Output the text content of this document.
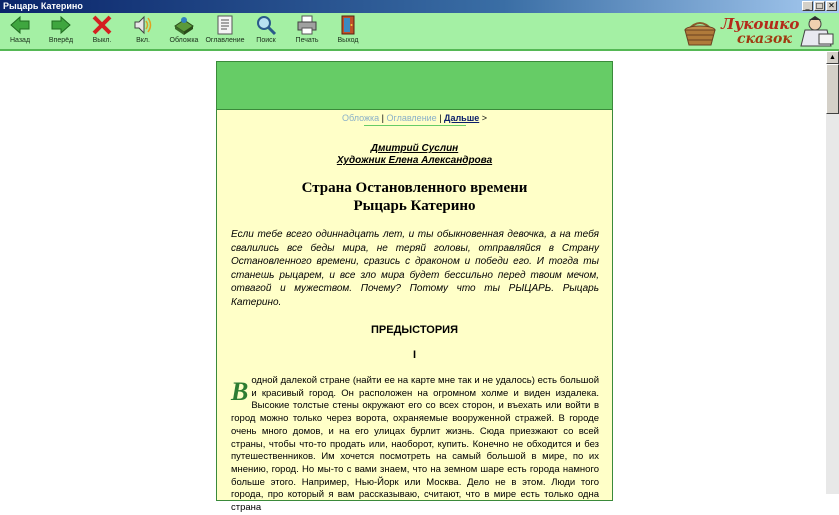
Рыцарь Катерино	_ □ ✕
Назад	Вперёд	Выкл.	Вкл.	Обложка	Оглавление	Поиск	Печать	Выход
Лукошко
сказок
Обложка | Оглавление | Дальше >
Дмитрий Суслин
Художник Елена Александрова
Страна Остановленного времени
Рыцарь Катерино
Если тебе всего одиннадцать лет, и ты обыкновенная девочка, а на тебя свалились все беды мира, не теряй головы, отправляйся в Страну Остановленного времени, сразись с драконом и победи его. И тогда ты станешь рыцарем, и все зло мира будет бессильно перед твоим мечом, отвагой и мужеством. Почему? Потому что ты РЫЦАРЬ. Рыцарь Катерино.
ПРЕДЫСТОРИЯ
I
В одной далекой стране (найти ее на карте мне так и не удалось) есть большой и красивый город. Он расположен на огромном холме и виден издалека. Высокие толстые стены окружают его со всех сторон, и въехать или войти в город можно только через ворота, охраняемые вооруженной стражей. В городе очень много домов, и на его улицах бурлит жизнь. Сюда приезжают со всей страны, чтобы что-то продать или, наоборот, купить. Конечно не обходится и без путешественников. Им хочется посмотреть на самый большой в мире, по их мнению, город. Но мы-то с вами знаем, что на земном шаре есть города намного больше этого. Например, Нью-Йорк или Москва. Дело не в этом. Люди того города, про который я вам рассказываю, считают, что в мире есть только одна страна
▲
